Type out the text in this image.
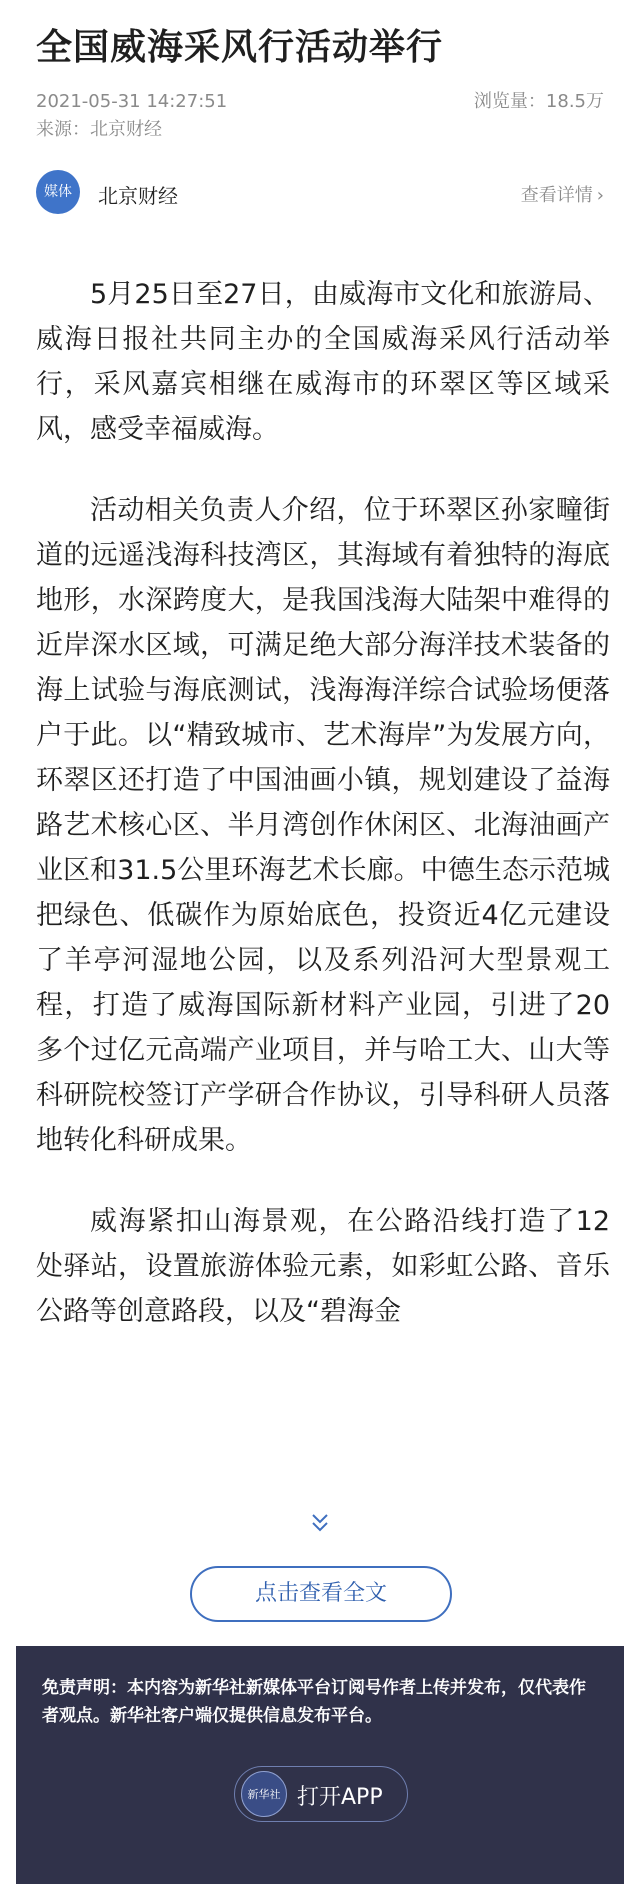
全国威海采风行活动举行
2021-05-31 14:27:51	浏览量：18.5万
来源：北京财经
媒体	北京财经	查看详情 ›

5月25日至27日，由威海市文化和旅游局、威海日报社共同主办的全国威海采风行活动举行，采风嘉宾相继在威海市的环翠区等区域采风，感受幸福威海。

活动相关负责人介绍，位于环翠区孙家疃街道的远遥浅海科技湾区，其海域有着独特的海底地形，水深跨度大，是我国浅海大陆架中难得的近岸深水区域，可满足绝大部分海洋技术装备的海上试验与海底测试，浅海海洋综合试验场便落户于此。以“精致城市、艺术海岸”为发展方向，环翠区还打造了中国油画小镇，规划建设了益海路艺术核心区、半月湾创作休闲区、北海油画产业区和31.5公里环海艺术长廊。中德生态示范城把绿色、低碳作为原始底色，投资近4亿元建设了羊亭河湿地公园，以及系列沿河大型景观工程，打造了威海国际新材料产业园，引进了20多个过亿元高端产业项目，并与哈工大、山大等科研院校签订产学研合作协议，引导科研人员落地转化科研成果。

威海紧扣山海景观，在公路沿线打造了12处驿站，设置旅游体验元素，如彩虹公路、音乐公路等创意路段，以及“碧海金

点击查看全文
免责声明：本内容为新华社新媒体平台订阅号作者上传并发布，仅代表作者观点。新华社客户端仅提供信息发布平台。
新华社 打开APP
